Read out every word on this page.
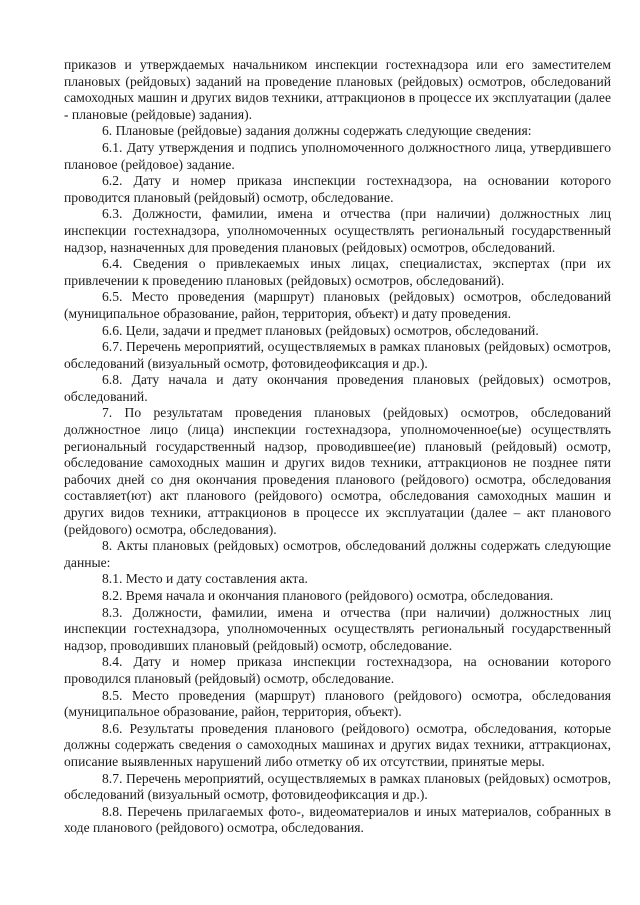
приказов и утверждаемых начальником инспекции гостехнадзора или его заместителем плановых (рейдовых) заданий на проведение плановых (рейдовых) осмотров, обследований самоходных машин и других видов техники, аттракционов в процессе их эксплуатации (далее - плановые (рейдовые) задания).

6. Плановые (рейдовые) задания должны содержать следующие сведения:

6.1. Дату утверждения и подпись уполномоченного должностного лица, утвердившего плановое (рейдовое) задание.

6.2. Дату и номер приказа инспекции гостехнадзора, на основании которого проводится плановый (рейдовый) осмотр, обследование.

6.3. Должности, фамилии, имена и отчества (при наличии) должностных лиц инспекции гостехнадзора, уполномоченных осуществлять региональный государственный надзор, назначенных для проведения плановых (рейдовых) осмотров, обследований.

6.4. Сведения о привлекаемых иных лицах, специалистах, экспертах (при их привлечении к проведению плановых (рейдовых) осмотров, обследований).

6.5. Место проведения (маршрут) плановых (рейдовых) осмотров, обследований (муниципальное образование, район, территория, объект) и дату проведения.

6.6. Цели, задачи и предмет плановых (рейдовых) осмотров, обследований.

6.7. Перечень мероприятий, осуществляемых в рамках плановых (рейдовых) осмотров, обследований (визуальный осмотр, фотовидеофиксация и др.).

6.8. Дату начала и дату окончания проведения плановых (рейдовых) осмотров, обследований.

7. По результатам проведения плановых (рейдовых) осмотров, обследований должностное лицо (лица) инспекции гостехнадзора, уполномоченное(ые) осуществлять региональный государственный надзор, проводившее(ие) плановый (рейдовый) осмотр, обследование самоходных машин и других видов техники, аттракционов не позднее пяти рабочих дней со дня окончания проведения планового (рейдового) осмотра, обследования составляет(ют) акт планового (рейдового) осмотра, обследования самоходных машин и других видов техники, аттракционов в процессе их эксплуатации (далее – акт планового (рейдового) осмотра, обследования).

8. Акты плановых (рейдовых) осмотров, обследований должны содержать следующие данные:

8.1. Место и дату составления акта.

8.2. Время начала и окончания планового (рейдового) осмотра, обследования.

8.3. Должности, фамилии, имена и отчества (при наличии) должностных лиц инспекции гостехнадзора, уполномоченных осуществлять региональный государственный надзор, проводивших плановый (рейдовый) осмотр, обследование.

8.4. Дату и номер приказа инспекции гостехнадзора, на основании которого проводился плановый (рейдовый) осмотр, обследование.

8.5. Место проведения (маршрут) планового (рейдового) осмотра, обследования (муниципальное образование, район, территория, объект).

8.6. Результаты проведения планового (рейдового) осмотра, обследования, которые должны содержать сведения о самоходных машинах и других видах техники, аттракционах, описание выявленных нарушений либо отметку об их отсутствии, принятые меры.

8.7. Перечень мероприятий, осуществляемых в рамках плановых (рейдовых) осмотров, обследований (визуальный осмотр, фотовидеофиксация и др.).

8.8. Перечень прилагаемых фото-, видеоматериалов и иных материалов, собранных в ходе планового (рейдового) осмотра, обследования.
